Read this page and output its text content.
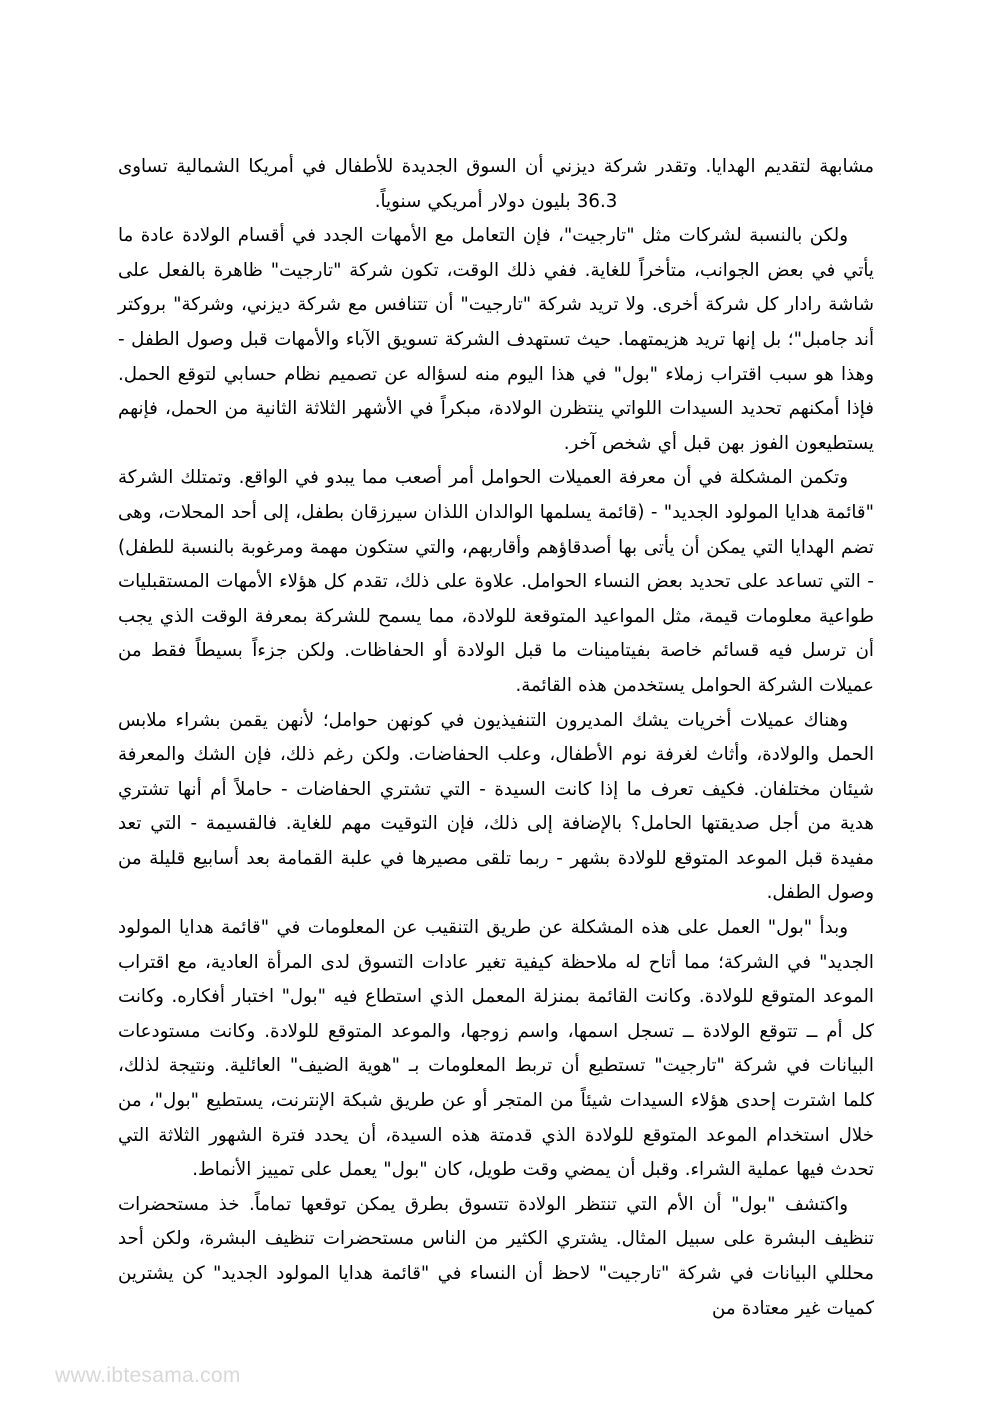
مشابهة لتقديم الهدايا. وتقدر شركة ديزني أن السوق الجديدة للأطفال في أمريكا الشمالية تساوى 36.3 بليون دولار أمريكي سنوياً.

ولكن بالنسبة لشركات مثل "تارجيت"، فإن التعامل مع الأمهات الجدد في أقسام الولادة عادة ما يأتي في بعض الجوانب، متأخراً للغاية. ففي ذلك الوقت، تكون شركة "تارجيت" ظاهرة بالفعل على شاشة رادار كل شركة أخرى. ولا تريد شركة "تارجيت" أن تتنافس مع شركة ديزني، وشركة" بروكتر أند جامبل"؛ بل إنها تريد هزيمتهما. حيث تستهدف الشركة تسويق الآباء والأمهات قبل وصول الطفل - وهذا هو سبب اقتراب زملاء "بول" في هذا اليوم منه لسؤاله عن تصميم نظام حسابي لتوقع الحمل. فإذا أمكنهم تحديد السيدات اللواتي ينتظرن الولادة، مبكراً في الأشهر الثلاثة الثانية من الحمل، فإنهم يستطيعون الفوز بهن قبل أي شخص آخر.

وتكمن المشكلة في أن معرفة العميلات الحوامل أمر أصعب مما يبدو في الواقع. وتمتلك الشركة "قائمة هدايا المولود الجديد" - (قائمة يسلمها الوالدان اللذان سيرزقان بطفل، إلى أحد المحلات، وهى تضم الهدايا التي يمكن أن يأتى بها أصدقاؤهم وأقاربهم، والتي ستكون مهمة ومرغوبة بالنسبة للطفل) - التي تساعد على تحديد بعض النساء الحوامل. علاوة على ذلك، تقدم كل هؤلاء الأمهات المستقبليات طواعية معلومات قيمة، مثل المواعيد المتوقعة للولادة، مما يسمح للشركة بمعرفة الوقت الذي يجب أن ترسل فيه قسائم خاصة بفيتامينات ما قبل الولادة أو الحفاظات. ولكن جزءاً بسيطاً فقط من عميلات الشركة الحوامل يستخدمن هذه القائمة.

وهناك عميلات أخريات يشك المديرون التنفيذيون في كونهن حوامل؛ لأنهن يقمن بشراء ملابس الحمل والولادة، وأثاث لغرفة نوم الأطفال، وعلب الحفاضات. ولكن رغم ذلك، فإن الشك والمعرفة شيئان مختلفان. فكيف تعرف ما إذا كانت السيدة - التي تشتري الحفاضات - حاملاً أم أنها تشتري هدية من أجل صديقتها الحامل؟ بالإضافة إلى ذلك، فإن التوقيت مهم للغاية. فالقسيمة - التي تعد مفيدة قبل الموعد المتوقع للولادة بشهر - ربما تلقى مصيرها في علبة القمامة بعد أسابيع قليلة من وصول الطفل.

وبدأ "بول" العمل على هذه المشكلة عن طريق التنقيب عن المعلومات في "قائمة هدايا المولود الجديد" في الشركة؛ مما أتاح له ملاحظة كيفية تغير عادات التسوق لدى المرأة العادية، مع اقتراب الموعد المتوقع للولادة. وكانت القائمة بمنزلة المعمل الذي استطاع فيه "بول" اختبار أفكاره. وكانت كل أم ــ تتوقع الولادة ــ تسجل اسمها، واسم زوجها، والموعد المتوقع للولادة. وكانت مستودعات البيانات في شركة "تارجيت" تستطيع أن تربط المعلومات بـ "هوية الضيف" العائلية. ونتيجة لذلك، كلما اشترت إحدى هؤلاء السيدات شيئاً من المتجر أو عن طريق شبكة الإنترنت، يستطيع "بول"، من خلال استخدام الموعد المتوقع للولادة الذي قدمتة هذه السيدة، أن يحدد فترة الشهور الثلاثة التي تحدث فيها عملية الشراء. وقبل أن يمضي وقت طويل، كان "بول" يعمل على تمييز الأنماط.

واكتشف "بول" أن الأم التي تنتظر الولادة تتسوق بطرق يمكن توقعها تماماً. خذ مستحضرات تنظيف البشرة على سبيل المثال. يشتري الكثير من الناس مستحضرات تنظيف البشرة، ولكن أحد محللي البيانات في شركة "تارجيت" لاحظ أن النساء في "قائمة هدايا المولود الجديد" كن يشترين كميات غير معتادة من

www.ibtesama.com
